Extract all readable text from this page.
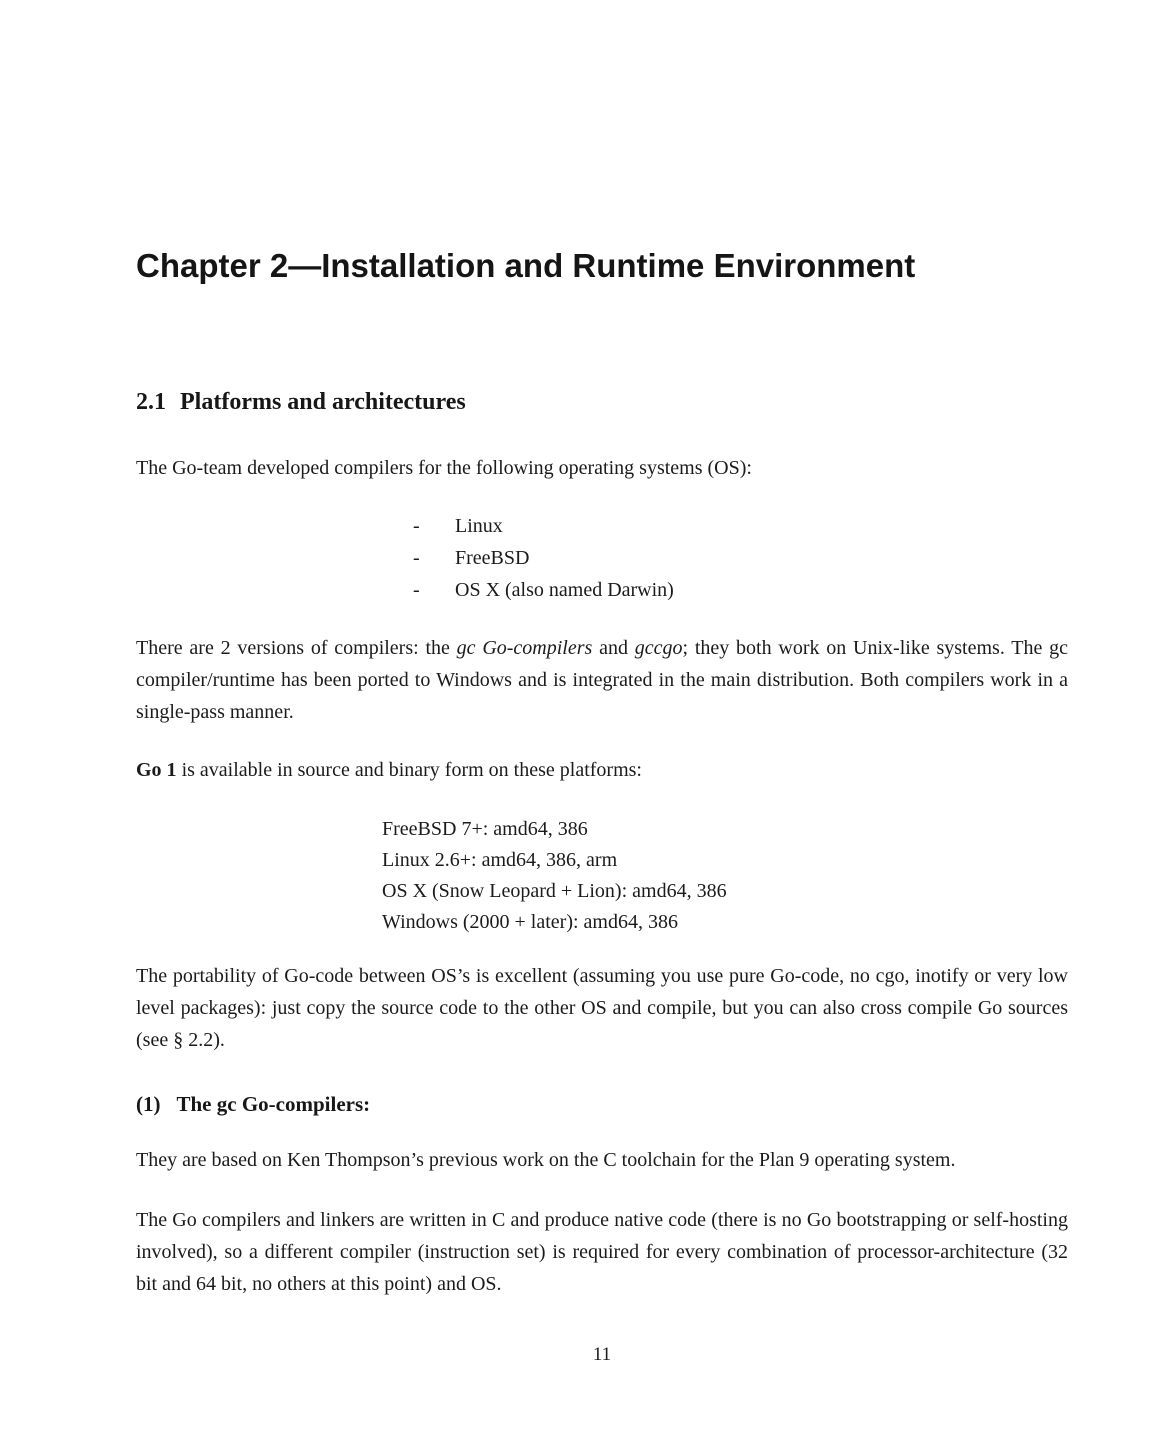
Chapter 2—Installation and Runtime Environment
2.1 Platforms and architectures

The Go-team developed compilers for the following operating systems (OS):

-	Linux
-	FreeBSD
-	OS X (also named Darwin)

There are 2 versions of compilers: the gc Go-compilers and gccgo; they both work on Unix-like systems. The gc compiler/runtime has been ported to Windows and is integrated in the main distribution. Both compilers work in a single-pass manner.

Go 1 is available in source and binary form on these platforms:

FreeBSD 7+: amd64, 386
Linux 2.6+: amd64, 386, arm
OS X (Snow Leopard + Lion): amd64, 386
Windows (2000 + later): amd64, 386

The portability of Go-code between OS’s is excellent (assuming you use pure Go-code, no cgo, inotify or very low level packages): just copy the source code to the other OS and compile, but you can also cross compile Go sources (see § 2.2).

(1) The gc Go-compilers:

They are based on Ken Thompson’s previous work on the C toolchain for the Plan 9 operating system.

The Go compilers and linkers are written in C and produce native code (there is no Go bootstrapping or self-hosting involved), so a different compiler (instruction set) is required for every combination of processor-architecture (32 bit and 64 bit, no others at this point) and OS.

11
